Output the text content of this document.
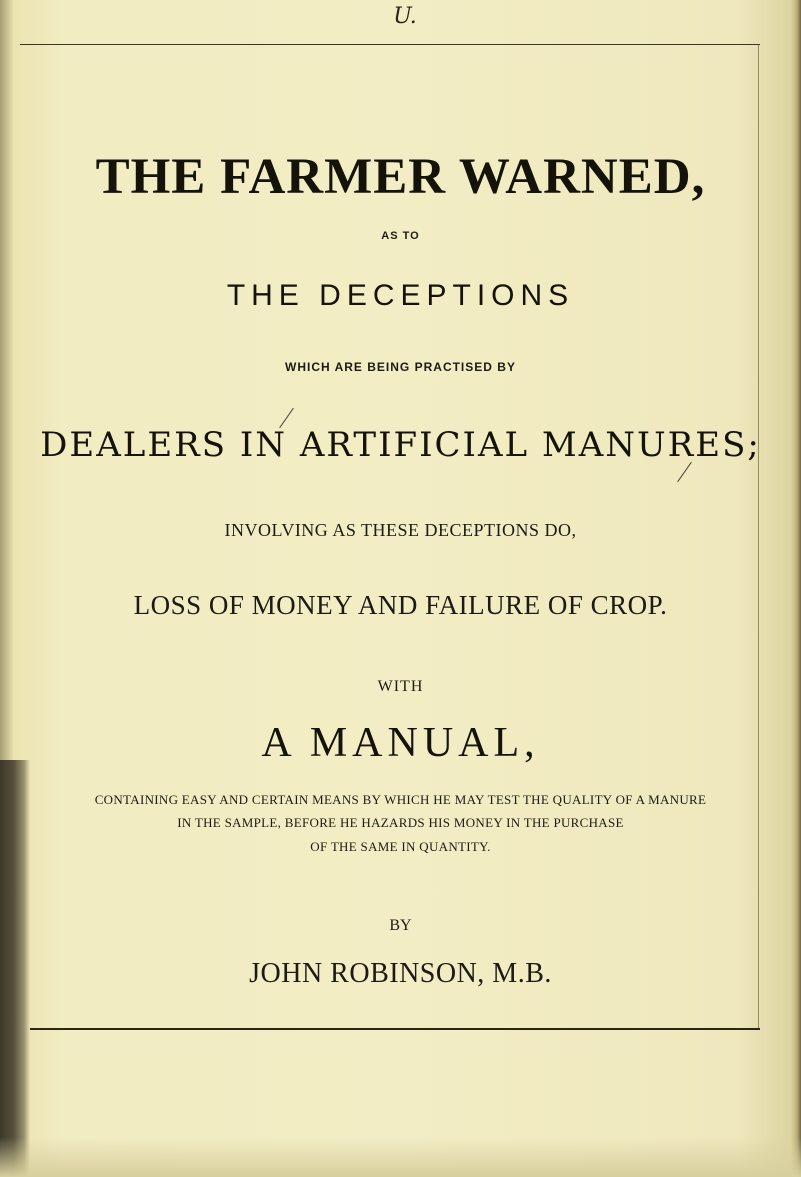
U.
THE FARMER WARNED,
AS TO
THE DECEPTIONS
WHICH ARE BEING PRACTISED BY
DEALERS IN ARTIFICIAL MANURES;
INVOLVING AS THESE DECEPTIONS DO,
LOSS OF MONEY AND FAILURE OF CROP.
WITH
A MANUAL,
CONTAINING EASY AND CERTAIN MEANS BY WHICH HE MAY TEST THE QUALITY OF A MANURE
IN THE SAMPLE, BEFORE HE HAZARDS HIS MONEY IN THE PURCHASE
OF THE SAME IN QUANTITY.
BY
JOHN ROBINSON, M.B.
